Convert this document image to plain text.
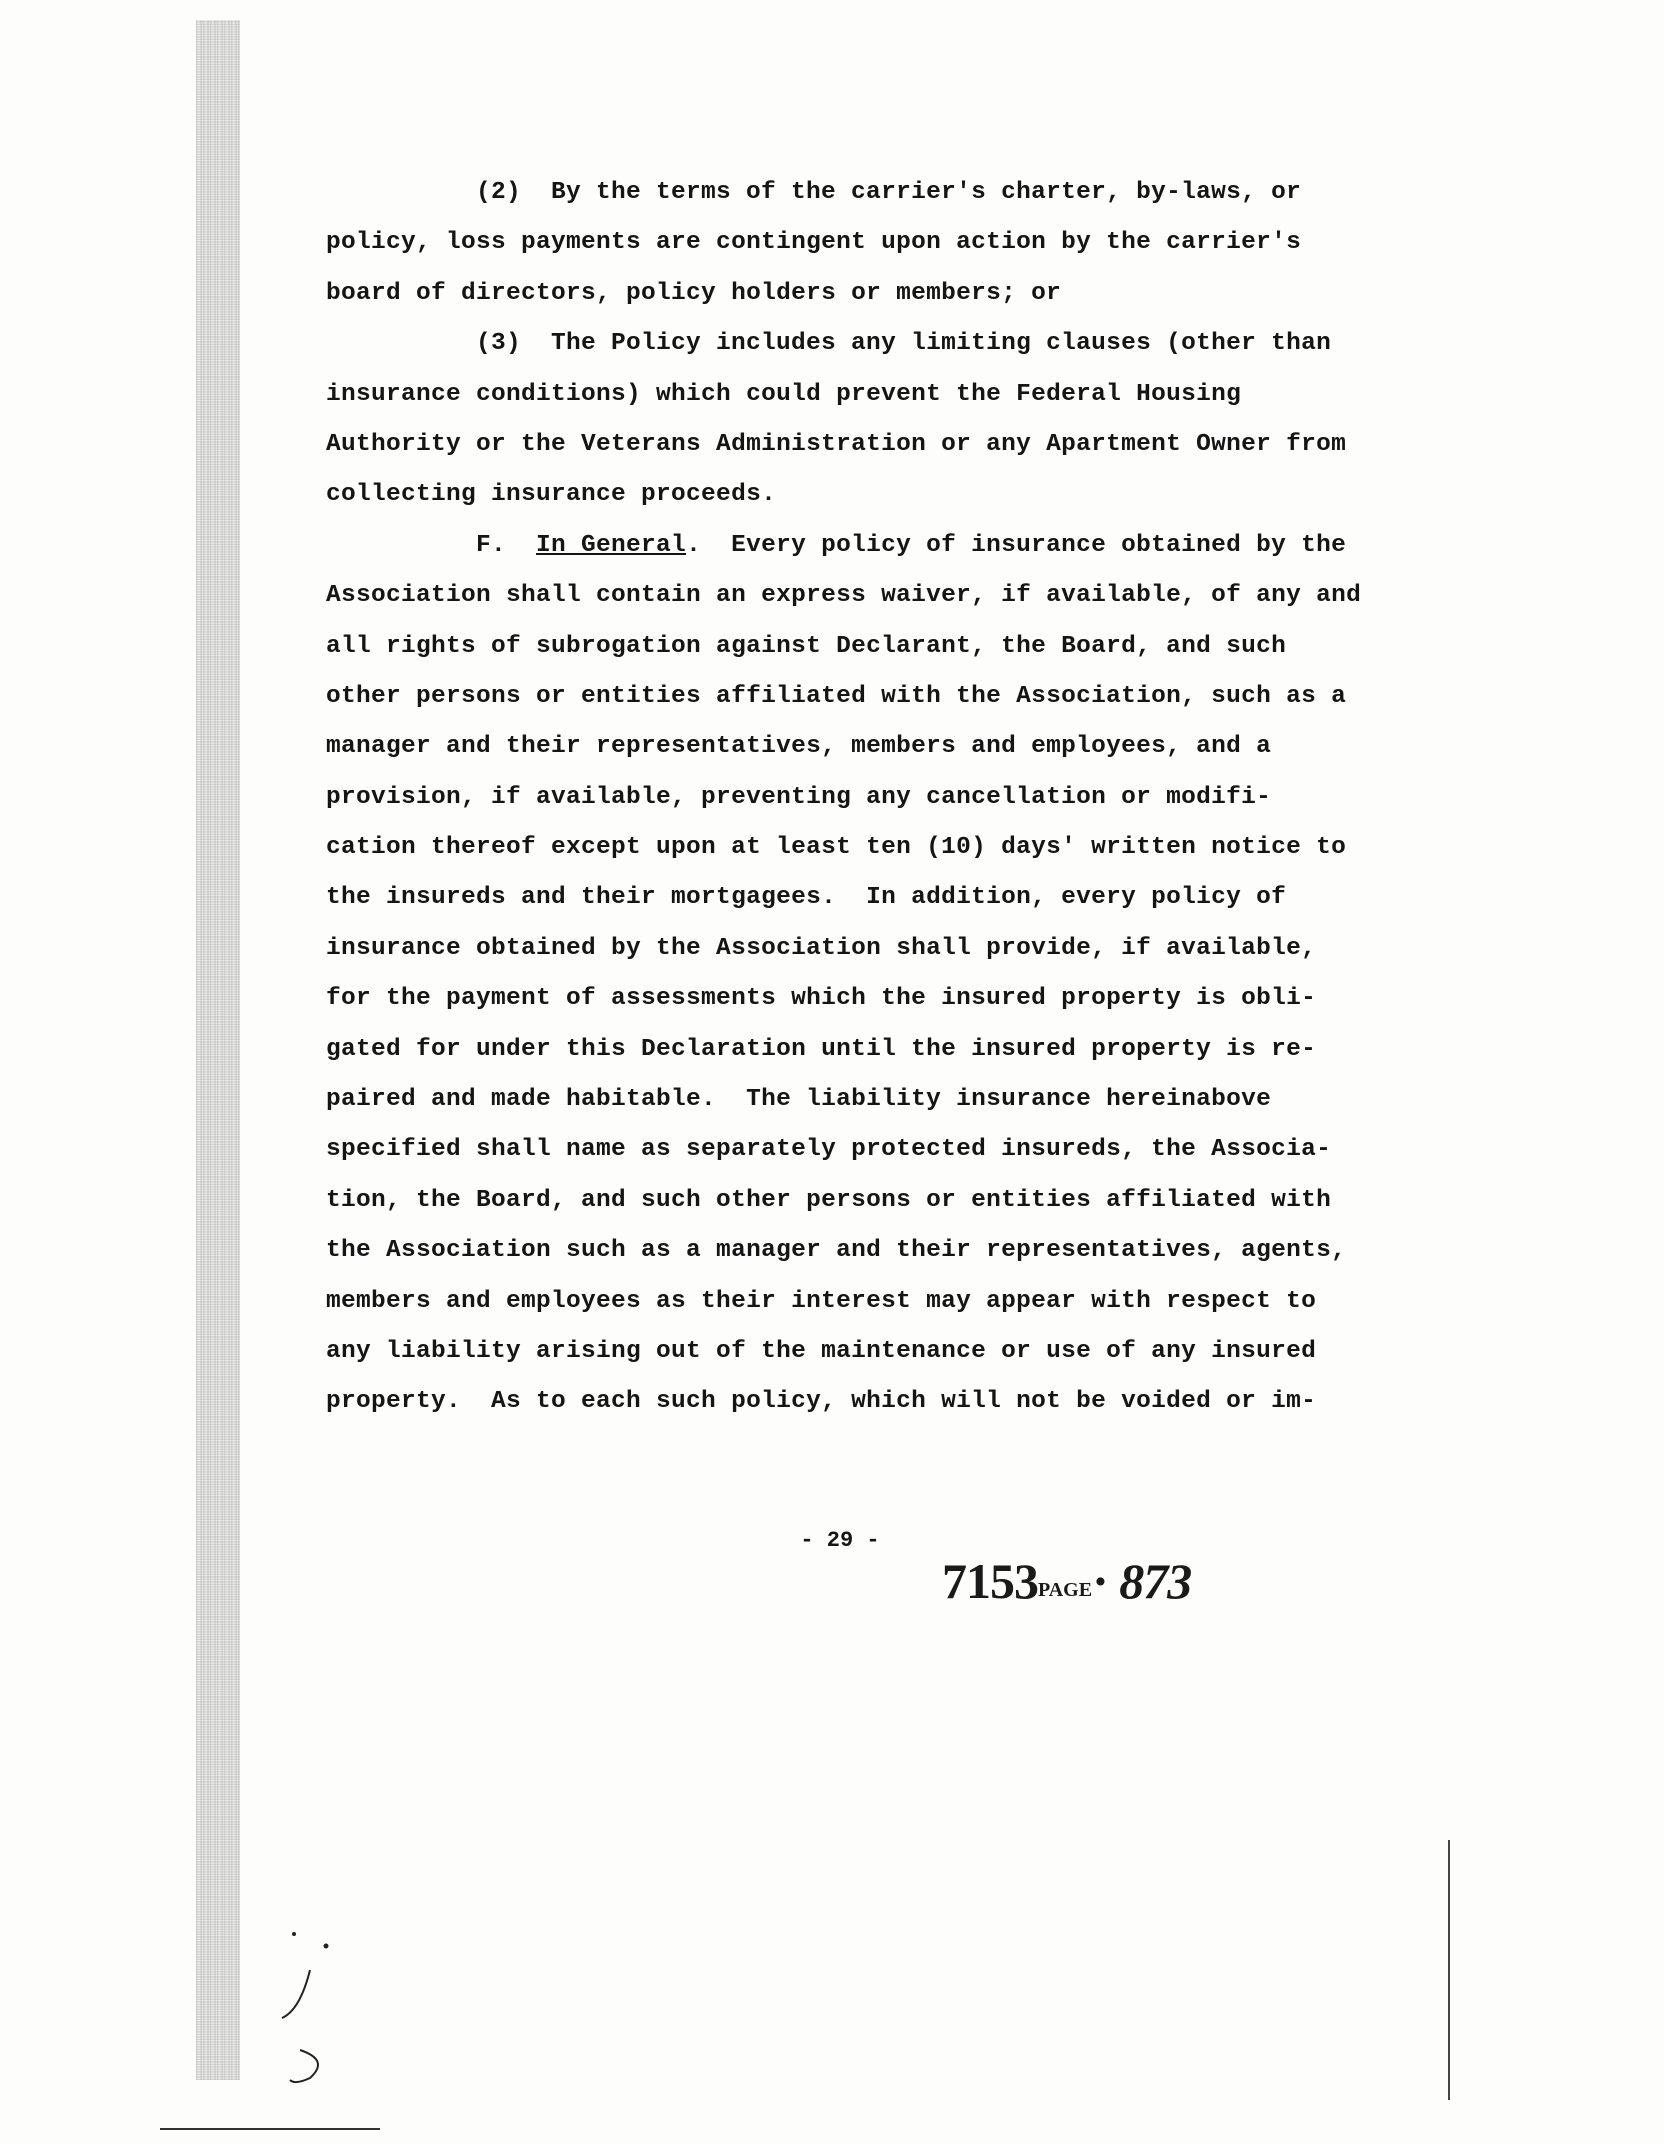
(2)  By the terms of the carrier's charter, by-laws, or
policy, loss payments are contingent upon action by the carrier's
board of directors, policy holders or members; or
(3)  The Policy includes any limiting clauses (other than
insurance conditions) which could prevent the Federal Housing
Authority or the Veterans Administration or any Apartment Owner from
collecting insurance proceeds.
F. In General.  Every policy of insurance obtained by the
Association shall contain an express waiver, if available, of any and
all rights of subrogation against Declarant, the Board, and such
other persons or entities affiliated with the Association, such as a
manager and their representatives, members and employees, and a
provision, if available, preventing any cancellation or modifi-
cation thereof except upon at least ten (10) days' written notice to
the insureds and their mortgagees.  In addition, every policy of
insurance obtained by the Association shall provide, if available,
for the payment of assessments which the insured property is obli-
gated for under this Declaration until the insured property is re-
paired and made habitable.  The liability insurance hereinabove
specified shall name as separately protected insureds, the Associa-
tion, the Board, and such other persons or entities affiliated with
the Association such as a manager and their representatives, agents,
members and employees as their interest may appear with respect to
any liability arising out of the maintenance or use of any insured
property.  As to each such policy, which will not be voided or im-
- 29 -
7153PAGE· 873
